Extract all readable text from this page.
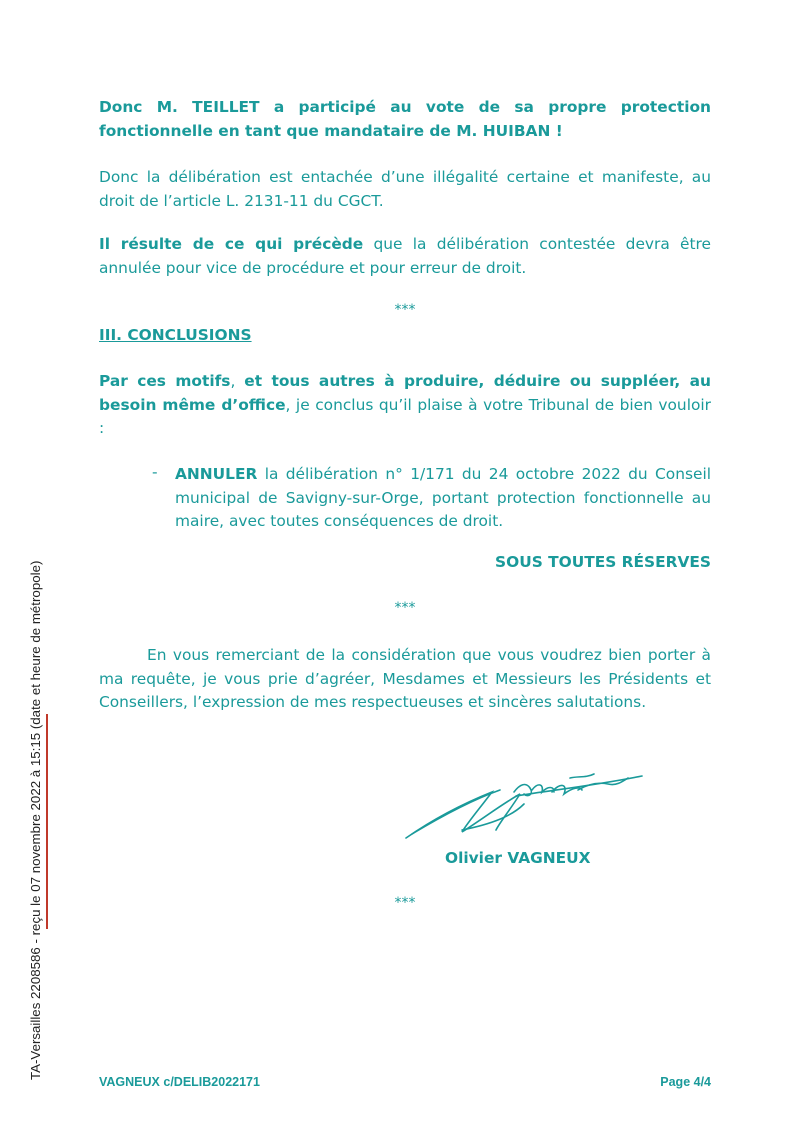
TA-Versailles 2208586 - reçu le 07 novembre 2022 à 15:15 (date et heure de métropole)

Donc M. TEILLET a participé au vote de sa propre protection fonctionnelle en tant que mandataire de M. HUIBAN !

Donc la délibération est entachée d’une illégalité certaine et manifeste, au droit de l’article L. 2131-11 du CGCT.

Il résulte de ce qui précède que la délibération contestée devra être annulée pour vice de procédure et pour erreur de droit.

***
III. CONCLUSIONS

Par ces motifs, et tous autres à produire, déduire ou suppléer, au besoin même d’office, je conclus qu’il plaise à votre Tribunal de bien vouloir :

- ANNULER la délibération n° 1/171 du 24 octobre 2022 du Conseil municipal de Savigny-sur-Orge, portant protection fonctionnelle au maire, avec toutes conséquences de droit.
SOUS TOUTES RÉSERVES
***

En vous remerciant de la considération que vous voudrez bien porter à ma requête, je vous prie d’agréer, Mesdames et Messieurs les Présidents et Conseillers, l’expression de mes respectueuses et sincères salutations.

Olivier VAGNEUX
***
VAGNEUX c/DELIB2022171	Page 4/4
